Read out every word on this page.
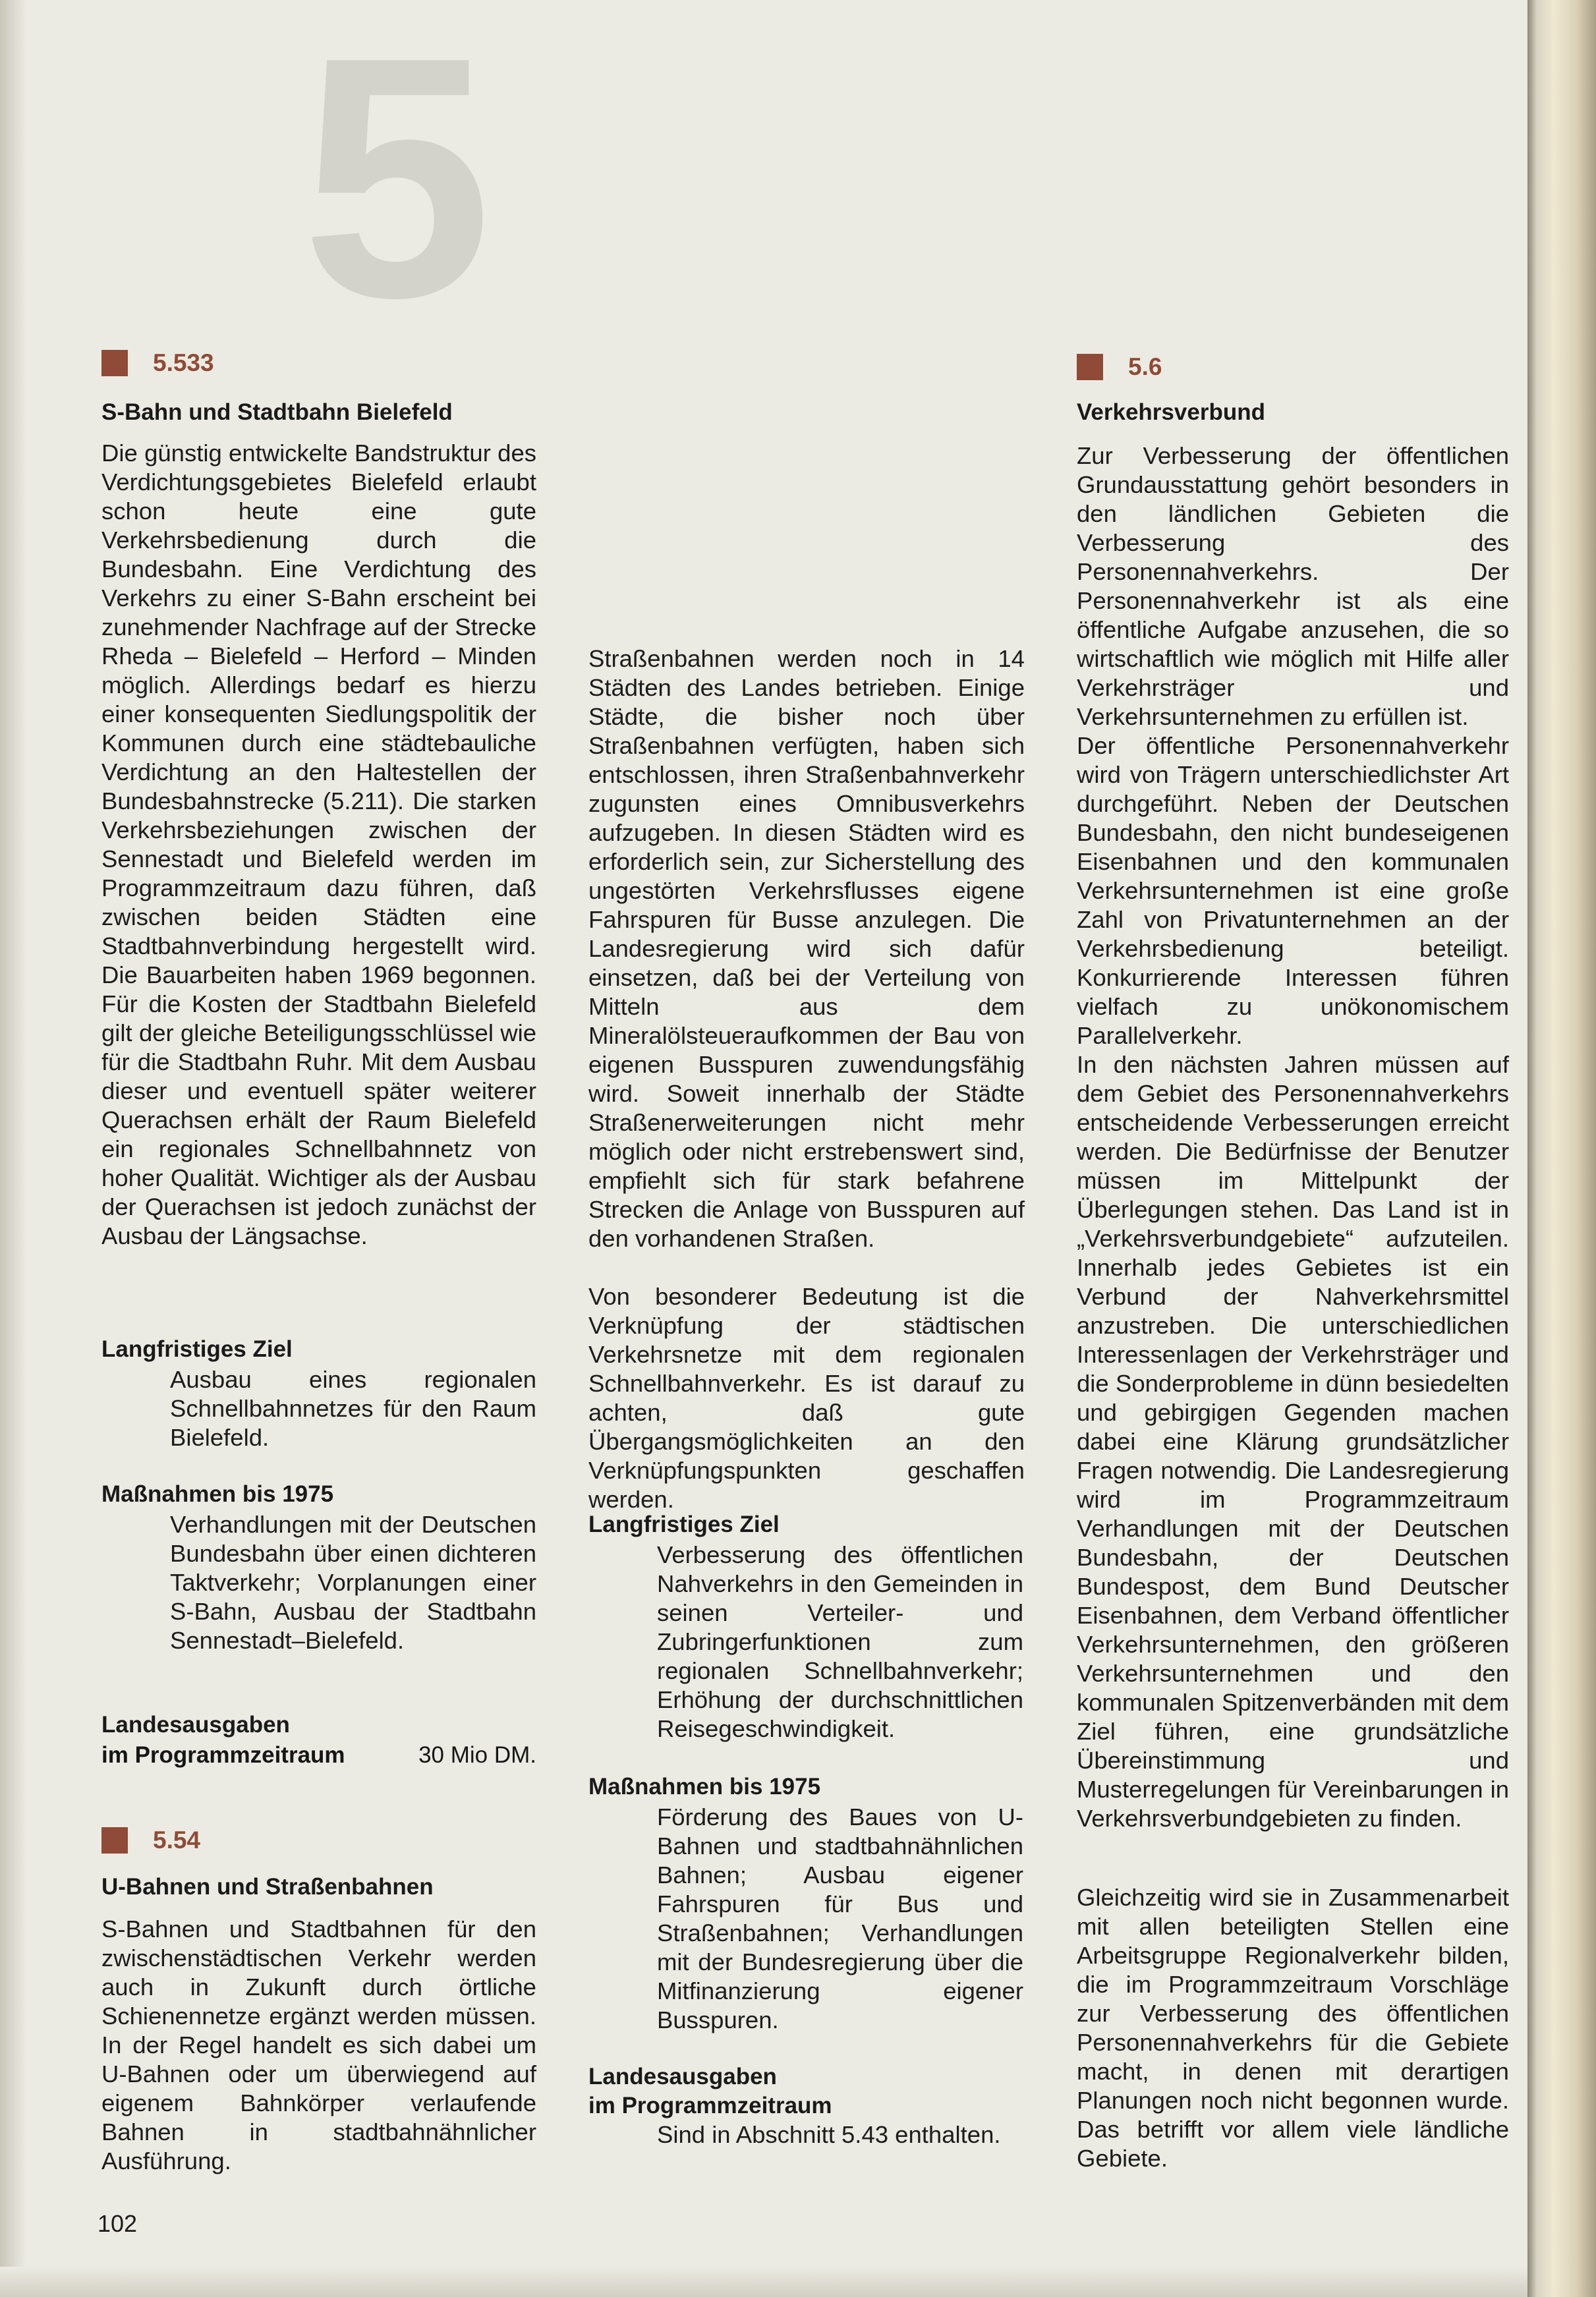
5
5.533
S-Bahn und Stadtbahn Bielefeld
Die günstig entwickelte Bandstruktur des Verdichtungsgebietes Bielefeld erlaubt schon heute eine gute Verkehrsbedienung durch die Bundesbahn. Eine Verdichtung des Verkehrs zu einer S-Bahn erscheint bei zunehmender Nachfrage auf der Strecke Rheda – Bielefeld – Herford – Minden möglich. Allerdings bedarf es hierzu einer konsequenten Siedlungspolitik der Kommunen durch eine städtebauliche Verdichtung an den Haltestellen der Bundesbahnstrecke (5.211). Die starken Verkehrsbeziehungen zwischen der Sennestadt und Bielefeld werden im Programmzeitraum dazu führen, daß zwischen beiden Städten eine Stadtbahnverbindung hergestellt wird. Die Bauarbeiten haben 1969 begonnen. Für die Kosten der Stadtbahn Bielefeld gilt der gleiche Beteiligungsschlüssel wie für die Stadtbahn Ruhr. Mit dem Ausbau dieser und eventuell später weiterer Querachsen erhält der Raum Bielefeld ein regionales Schnellbahnnetz von hoher Qualität. Wichtiger als der Ausbau der Querachsen ist jedoch zunächst der Ausbau der Längsachse.
Langfristiges Ziel
Ausbau eines regionalen Schnellbahnnetzes für den Raum Bielefeld.
Maßnahmen bis 1975
Verhandlungen mit der Deutschen Bundesbahn über einen dichteren Taktverkehr; Vorplanungen einer S-Bahn, Ausbau der Stadtbahn Sennestadt–Bielefeld.
Landesausgaben
im Programmzeitraum	30 Mio DM.
5.54
U-Bahnen und Straßenbahnen
S-Bahnen und Stadtbahnen für den zwischenstädtischen Verkehr werden auch in Zukunft durch örtliche Schienennetze ergänzt werden müssen. In der Regel handelt es sich dabei um U-Bahnen oder um überwiegend auf eigenem Bahnkörper verlaufende Bahnen in stadtbahnähnlicher Ausführung.
Straßenbahnen werden noch in 14 Städten des Landes betrieben. Einige Städte, die bisher noch über Straßenbahnen verfügten, haben sich entschlossen, ihren Straßenbahnverkehr zugunsten eines Omnibusverkehrs aufzugeben. In diesen Städten wird es erforderlich sein, zur Sicherstellung des ungestörten Verkehrsflusses eigene Fahrspuren für Busse anzulegen. Die Landesregierung wird sich dafür einsetzen, daß bei der Verteilung von Mitteln aus dem Mineralölsteueraufkommen der Bau von eigenen Busspuren zuwendungsfähig wird. Soweit innerhalb der Städte Straßenerweiterungen nicht mehr möglich oder nicht erstrebenswert sind, empfiehlt sich für stark befahrene Strecken die Anlage von Busspuren auf den vorhandenen Straßen.
Von besonderer Bedeutung ist die Verknüpfung der städtischen Verkehrsnetze mit dem regionalen Schnellbahnverkehr. Es ist darauf zu achten, daß gute Übergangsmöglichkeiten an den Verknüpfungspunkten geschaffen werden.
Langfristiges Ziel
Verbesserung des öffentlichen Nahverkehrs in den Gemeinden in seinen Verteiler- und Zubringerfunktionen zum regionalen Schnellbahnverkehr; Erhöhung der durchschnittlichen Reisegeschwindigkeit.
Maßnahmen bis 1975
Förderung des Baues von U-Bahnen und stadtbahnähnlichen Bahnen; Ausbau eigener Fahrspuren für Bus und Straßenbahnen; Verhandlungen mit der Bundesregierung über die Mitfinanzierung eigener Busspuren.
Landesausgaben
im Programmzeitraum
Sind in Abschnitt 5.43 enthalten.
5.6
Verkehrsverbund
Zur Verbesserung der öffentlichen Grundausstattung gehört besonders in den ländlichen Gebieten die Verbesserung des Personennahverkehrs. Der Personennahverkehr ist als eine öffentliche Aufgabe anzusehen, die so wirtschaftlich wie möglich mit Hilfe aller Verkehrsträger und Verkehrsunternehmen zu erfüllen ist.
Der öffentliche Personennahverkehr wird von Trägern unterschiedlichster Art durchgeführt. Neben der Deutschen Bundesbahn, den nicht bundeseigenen Eisenbahnen und den kommunalen Verkehrsunternehmen ist eine große Zahl von Privatunternehmen an der Verkehrsbedienung beteiligt. Konkurrierende Interessen führen vielfach zu unökonomischem Parallelverkehr.
In den nächsten Jahren müssen auf dem Gebiet des Personennahverkehrs entscheidende Verbesserungen erreicht werden. Die Bedürfnisse der Benutzer müssen im Mittelpunkt der Überlegungen stehen. Das Land ist in „Verkehrsverbundgebiete“ aufzuteilen. Innerhalb jedes Gebietes ist ein Verbund der Nahverkehrsmittel anzustreben. Die unterschiedlichen Interessenlagen der Verkehrsträger und die Sonderprobleme in dünn besiedelten und gebirgigen Gegenden machen dabei eine Klärung grundsätzlicher Fragen notwendig. Die Landesregierung wird im Programmzeitraum Verhandlungen mit der Deutschen Bundesbahn, der Deutschen Bundespost, dem Bund Deutscher Eisenbahnen, dem Verband öffentlicher Verkehrsunternehmen, den größeren Verkehrsunternehmen und den kommunalen Spitzenverbänden mit dem Ziel führen, eine grundsätzliche Übereinstimmung und Musterregelungen für Vereinbarungen in Verkehrsverbundgebieten zu finden.
Gleichzeitig wird sie in Zusammenarbeit mit allen beteiligten Stellen eine Arbeitsgruppe Regionalverkehr bilden, die im Programmzeitraum Vorschläge zur Verbesserung des öffentlichen Personennahverkehrs für die Gebiete macht, in denen mit derartigen Planungen noch nicht begonnen wurde. Das betrifft vor allem viele ländliche Gebiete.
102
